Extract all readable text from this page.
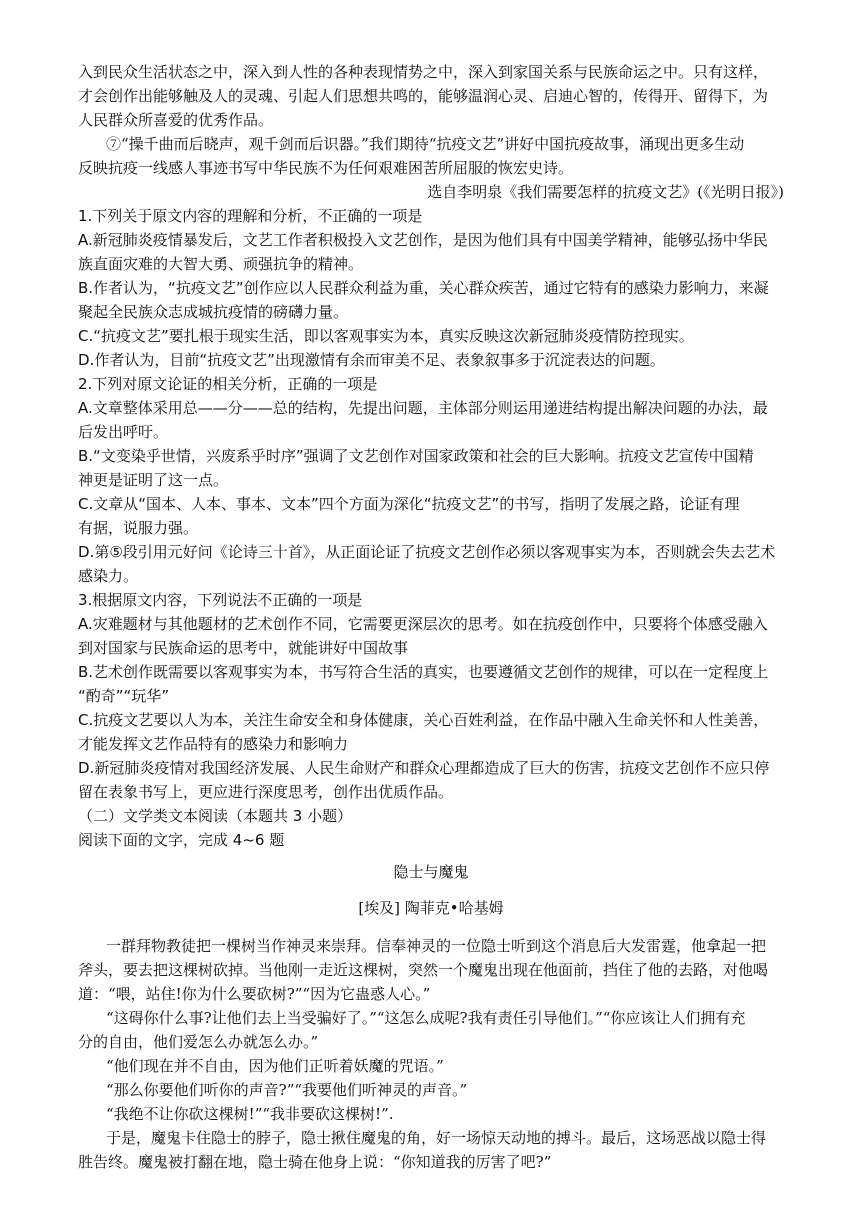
入到民众生活状态之中，深入到人性的各种表现情势之中，深入到家国关系与民族命运之中。只有这样，
才会创作出能够触及人的灵魂、引起人们思想共鸣的，能够温润心灵、启迪心智的，传得开、留得下，为
人民群众所喜爱的优秀作品。
⑦“操千曲而后晓声，观千剑而后识器。”我们期待“抗疫文艺”讲好中国抗疫故事，涌现出更多生动
反映抗疫一线感人事迹书写中华民族不为任何艰难困苦所屈服的恢宏史诗。
选自李明泉《我们需要怎样的抗疫文艺》(《光明日报》)
1.下列关于原文内容的理解和分析，不正确的一项是
A.新冠肺炎疫情暴发后，文艺工作者积极投入文艺创作，是因为他们具有中国美学精神，能够弘扬中华民
族直面灾难的大智大勇、顽强抗争的精神。
B.作者认为，“抗疫文艺”创作应以人民群众利益为重，关心群众疾苦，通过它特有的感染力影响力，来凝
聚起全民族众志成城抗疫情的磅礴力量。
C.“抗疫文艺”要扎根于现实生活，即以客观事实为本，真实反映这次新冠肺炎疫情防控现实。
D.作者认为，目前“抗疫文艺”出现激情有余而审美不足、表象叙事多于沉淀表达的问题。
2.下列对原文论证的相关分析，正确的一项是
A.文章整体采用总——分——总的结构，先提出问题，主体部分则运用递进结构提出解决问题的办法，最
后发出呼吁。
B.“文变染乎世情，兴废系乎时序”强调了文艺创作对国家政策和社会的巨大影响。抗疫文艺宣传中国精
神更是证明了这一点。
C.文章从“国本、人本、事本、文本”四个方面为深化“抗疫文艺”的书写，指明了发展之路，论证有理
有据，说服力强。
D.第⑤段引用元好问《论诗三十首》，从正面论证了抗疫文艺创作必须以客观事实为本，否则就会失去艺术
感染力。
3.根据原文内容，下列说法不正确的一项是
A.灾难题材与其他题材的艺术创作不同，它需要更深层次的思考。如在抗疫创作中，只要将个体感受融入
到对国家与民族命运的思考中，就能讲好中国故事
B.艺术创作既需要以客观事实为本，书写符合生活的真实，也要遵循文艺创作的规律，可以在一定程度上
“酌奇”“玩华”
C.抗疫文艺要以人为本，关注生命安全和身体健康，关心百姓利益，在作品中融入生命关怀和人性美善，
才能发挥文艺作品特有的感染力和影响力
D.新冠肺炎疫情对我国经济发展、人民生命财产和群众心理都造成了巨大的伤害，抗疫文艺创作不应只停
留在表象书写上，更应进行深度思考，创作出优质作品。
（二）文学类文本阅读（本题共 3 小题）
阅读下面的文字，完成 4~6 题
隐士与魔鬼
[埃及] 陶菲克•哈基姆
一群拜物教徒把一棵树当作神灵来崇拜。信奉神灵的一位隐士听到这个消息后大发雷霆，他拿起一把
斧头，要去把这棵树砍掉。当他刚一走近这棵树，突然一个魔鬼出现在他面前，挡住了他的去路，对他喝
道：“喂，站住!你为什么要砍树?”“因为它蛊惑人心。”
“这碍你什么事?让他们去上当受骗好了。”“这怎么成呢?我有责任引导他们。”“你应该让人们拥有充
分的自由，他们爱怎么办就怎么办。”
“他们现在并不自由，因为他们正听着妖魔的咒语。”
“那么你要他们听你的声音?”“我要他们听神灵的声音。”
“我绝不让你砍这棵树!”“我非要砍这棵树!”.
于是，魔鬼卡住隐士的脖子，隐士揪住魔鬼的角，好一场惊天动地的搏斗。最后，这场恶战以隐士得
胜告终。魔鬼被打翻在地，隐士骑在他身上说：“你知道我的厉害了吧?”
